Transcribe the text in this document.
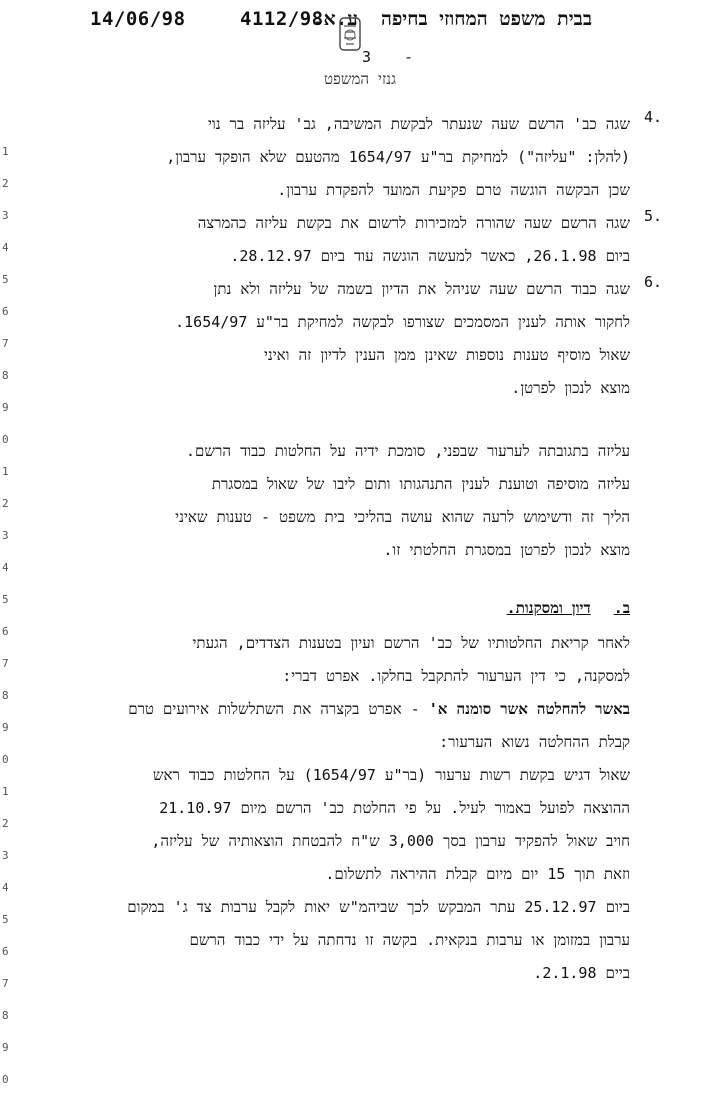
14/06/98	4112/98
ע.א.	בבית משפט המחוזי בחיפה
3 -
גנזי המשפט
1
2
3
4
5
6
7
8
9
0
1
2
3
4
5
6
7
8
9
0
1
2
3
4
5
6
7
8
9
0
.4

שגה כב' הרשם שעה שנעתר לבקשת המשיבה, גב' עליזה בר נוי

(להלן: "עליזה") למחיקת בר"ע 1654/97 מהטעם שלא הופקד ערבון,

שכן הבקשה הוגשה טרם פקיעת המועד להפקדת ערבון.

.5

שגה הרשם שעה שהורה למזכירות לרשום את בקשת עליזה כהמרצה

ביום 26.1.98, כאשר למעשה הוגשה עוד ביום 28.12.97.

.6

שגה כבוד הרשם שעה שניהל את הדיון בשמה של עליזה ולא נתן

לחקור אותה לענין המסמכים שצורפו לבקשה למחיקת בר"ע 1654/97.

שאול מוסיף טענות נוספות שאינן ממן הענין לדיון זה ואיני

מוצא לנכון לפרטן.

עליזה בתגובתה לערעור שבפני, סומכת ידיה על החלטות כבוד הרשם.

עליזה מוסיפה וטוענת לענין התנהגותו ותום ליבו של שאול במסגרת

הליך זה ודשימוש לרעה שהוא עושה בהליכי בית משפט - טענות שאיני

מוצא לנכון לפרטן במסגרת החלטתי זו.

ב. דיון ומסקנות.

לאחר קריאת החלטותיו של כב' הרשם ועיון בטענות הצדדים, הגעתי

למסקנה, כי דין הערעור להתקבל בחלקו. אפרט דברי:

באשר להחלטה אשר סומנה א' - אפרט בקצרה את השתלשלות אירועים טרם

קבלת ההחלטה נשוא הערעור:

שאול דגיש בקשת רשות ערעור (בר"ע 1654/97) על החלטות כבוד ראש

ההוצאה לפועל באמור לעיל. על פי החלטת כב' הרשם מיום 21.10.97

חויב שאול להפקיד ערבון בסך 3,000 ש"ח להבטחת הוצאותיה של עליזה,

וזאת תוך 15 יום מיום קבלת ההיראה לתשלום.

ביום 25.12.97 עתר המבקש לכך שביהמ"ש יאות לקבל ערבות צד ג' במקום

ערבון במזומן או ערבות בנקאית. בקשה זו נדחתה על ידי כבוד הרשם

ביים 2.1.98.
